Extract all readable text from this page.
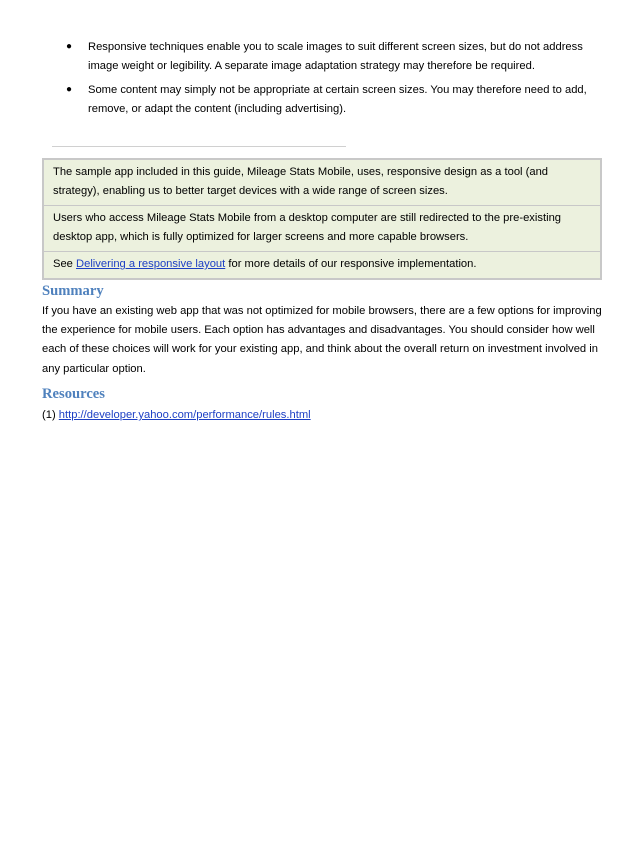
● Responsive techniques enable you to scale images to suit different screen sizes, but do not address image weight or legibility. A separate image adaptation strategy may therefore be required.
● Some content may simply not be appropriate at certain screen sizes. You may therefore need to add, remove, or adapt the content (including advertising).
The sample app included in this guide, Mileage Stats Mobile, uses, responsive design as a tool (and strategy), enabling us to better target devices with a wide range of screen sizes.
Users who access Mileage Stats Mobile from a desktop computer are still redirected to the pre-existing desktop app, which is fully optimized for larger screens and more capable browsers.
See Delivering a responsive layout for more details of our responsive implementation.
Summary
If you have an existing web app that was not optimized for mobile browsers, there are a few options for improving the experience for mobile users. Each option has advantages and disadvantages. You should consider how well each of these choices will work for your existing app, and think about the overall return on investment involved in any particular option.
Resources
(1) http://developer.yahoo.com/performance/rules.html
